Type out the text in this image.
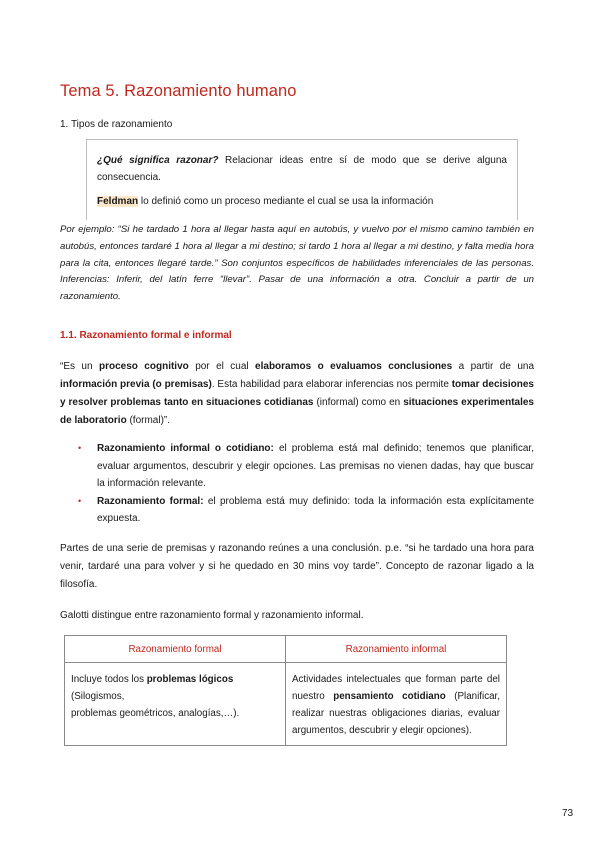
Tema 5. Razonamiento humano
1. Tipos de razonamiento
¿Qué significa razonar? Relacionar ideas entre sí de modo que se derive alguna consecuencia.
Feldman lo definió como un proceso mediante el cual se usa la información
Por ejemplo: “Si he tardado 1 hora al llegar hasta aquí en autobús, y vuelvo por el mismo camino también en autobús, entonces tardaré 1 hora al llegar a mi destino; si tardo 1 hora al llegar a mi destino, y falta media hora para la cita, entonces llegaré tarde.” Son conjuntos específicos de habilidades inferenciales de las personas. Inferencias: Inferir, del latín ferre “llevar”. Pasar de una información a otra. Concluir a partir de un razonamiento.
1.1. Razonamiento formal e informal
“Es un proceso cognitivo por el cual elaboramos o evaluamos conclusiones a partir de una información previa (o premisas). Esta habilidad para elaborar inferencias nos permite tomar decisiones y resolver problemas tanto en situaciones cotidianas (informal) como en situaciones experimentales de laboratorio (formal)”.
• Razonamiento informal o cotidiano: el problema está mal definido; tenemos que planificar, evaluar argumentos, descubrir y elegir opciones. Las premisas no vienen dadas, hay que buscar la información relevante.
• Razonamiento formal: el problema está muy definido: toda la información esta explícitamente expuesta.
Partes de una serie de premisas y razonando reúnes a una conclusión. p.e. “si he tardado una hora para venir, tardaré una para volver y si he quedado en 30 mins voy tarde”. Concepto de razonar ligado a la filosofía.
Galotti distingue entre razonamiento formal y razonamiento informal.
Razonamiento formal	Razonamiento informal
Incluye todos los problemas lógicos (Silogismos,
problemas geométricos, analogías,…).	Actividades intelectuales que forman parte del nuestro pensamiento cotidiano (Planificar, realizar nuestras obligaciones diarias, evaluar argumentos, descubrir y elegir opciones).
73
